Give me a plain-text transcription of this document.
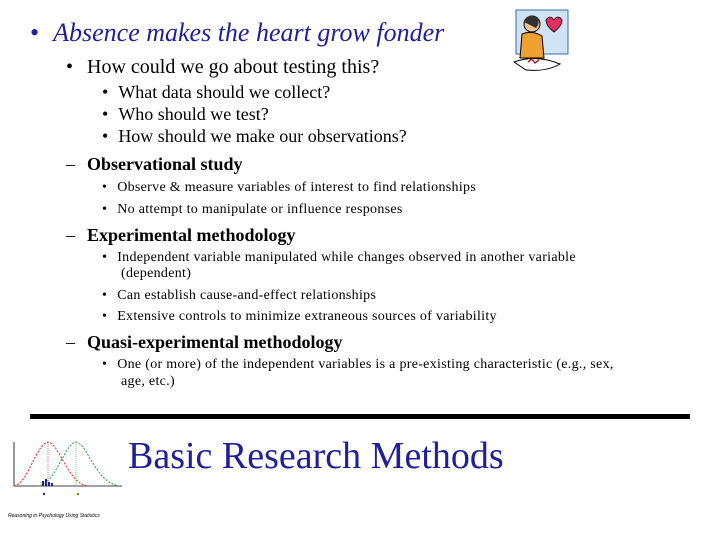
• Absence makes the heart grow fonder
• How could we go about testing this?
• What data should we collect?
• Who should we test?
• How should we make our observations?
– Observational study
• Observe & measure variables of interest to find relationships
• No attempt to manipulate or influence responses
– Experimental methodology
• Independent variable manipulated while changes observed in another variable
(dependent)
• Can establish cause-and-effect relationships
• Extensive controls to minimize extraneous sources of variability
– Quasi-experimental methodology
• One (or more) of the independent variables is a pre-existing characteristic (e.g., sex,
age, etc.)
Basic Research Methods
Reasoning in Psychology Using Statistics
